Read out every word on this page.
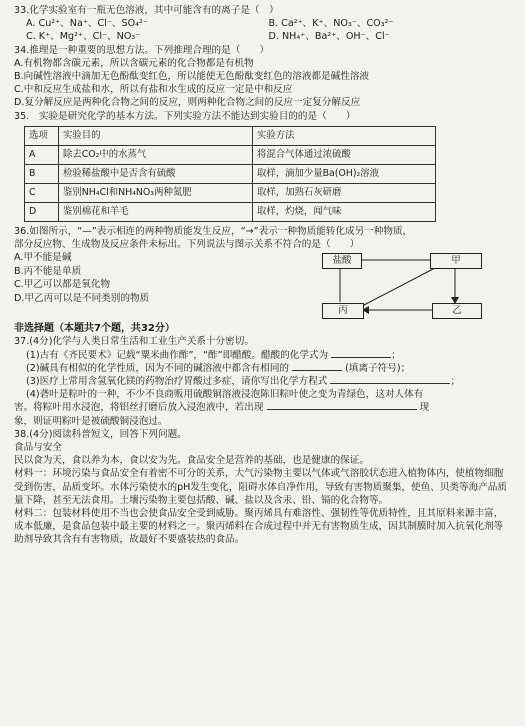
33.化学实验室有一瓶无色溶液，其中可能含有的离子是（　）
A. Cu²⁺、Na⁺、Cl⁻、SO₄²⁻	B. Ca²⁺、K⁺、NO₃⁻、CO₃²⁻
C. K⁺、Mg²⁺、Cl⁻、NO₃⁻	D. NH₄⁺、Ba²⁺、OH⁻、Cl⁻
34.推理是一种重要的思想方法。下列推理合理的是（　　）
A.有机物都含碳元素，所以含碳元素的化合物都是有机物
B.向碱性溶液中滴加无色酚酞变红色，所以能使无色酚酞变红色的溶液都是碱性溶液
C.中和反应生成盐和水，所以有盐和水生成的反应一定是中和反应
D.复分解反应是两种化合物之间的反应，则两种化合物之间的反应一定复分解反应
35.　实验是研究化学的基本方法。下列实验方法不能达到实验目的的是（　　）
选项	实验目的	实验方法
A	除去CO₂中的水蒸气	将混合气体通过浓硫酸
B	检验稀盐酸中是否含有硫酸	取样，滴加少量Ba(OH)₂溶液
C	鉴别NH₄Cl和NH₄NO₃两种氮肥	取样，加熟石灰研磨
D	鉴别棉花和羊毛	取样，灼烧，闻气味
36.如图所示，“—”表示相连的两种物质能发生反应，“→”表示一种物质能转化成另一种物质，
部分反应物、生成物及反应条件未标出。下列说法与图示关系不符合的是（　　）
A.甲不能是碱
B.丙不能是单质
C.甲乙可以都是氧化物
D.甲乙丙可以是不同类别的物质
盐酸	甲
丙	乙
非选择题（本题共7个题，共32分）
37.(4分)化学与人类日常生活和工业生产关系十分密切。
(1)古有《齐民要术》记载“粟米曲作酢”，“酢”即醋酸。醋酸的化学式为	；
(2)碱具有相似的化学性质，因为不同的碱溶液中都含有相同的	(填离子符号)；
(3)医疗上常用含氢氧化镁的药物治疗胃酸过多症，请你写出化学方程式	；
(4)砻叶是粽叶的一种，不少不良商贩用硫酸铜溶液浸泡陈旧粽叶使之变为青绿色，这对人体有
害。将粽叶用水浸泡，将铝丝打磨后放入浸泡液中，若出现	现
象，则证明粽叶是被硫酸铜浸泡过。
38.(4分)阅读科普短文，回答下列问题。
食品与安全
民以食为天，食以养为本，食以安为先。食品安全是营养的基础，也是健康的保证。
材料一：环境污染与食品安全有着密不可分的关系，大气污染物主要以气体或气溶胶状态进入植物体内，使植物细胞受到伤害，品质变坏。水体污染使水的pH发生变化，阻碍水体自净作用，导致有害物质聚集，使鱼、贝类等海产品质量下降，甚至无法食用。土壤污染物主要包括酸、碱、盐以及含汞、铅、镉的化合物等。
材料二：包装材料使用不当也会使食品安全受到威胁。聚丙烯具有难溶性、强韧性等优质特性，且其原料来源丰富，成本低廉，是食品包装中最主要的材料之一。聚丙烯料在合成过程中并无有害物质生成，因其制膜时加入抗氧化剂等助剂导致其含有有害物质，故最好不要盛装热的食品。
